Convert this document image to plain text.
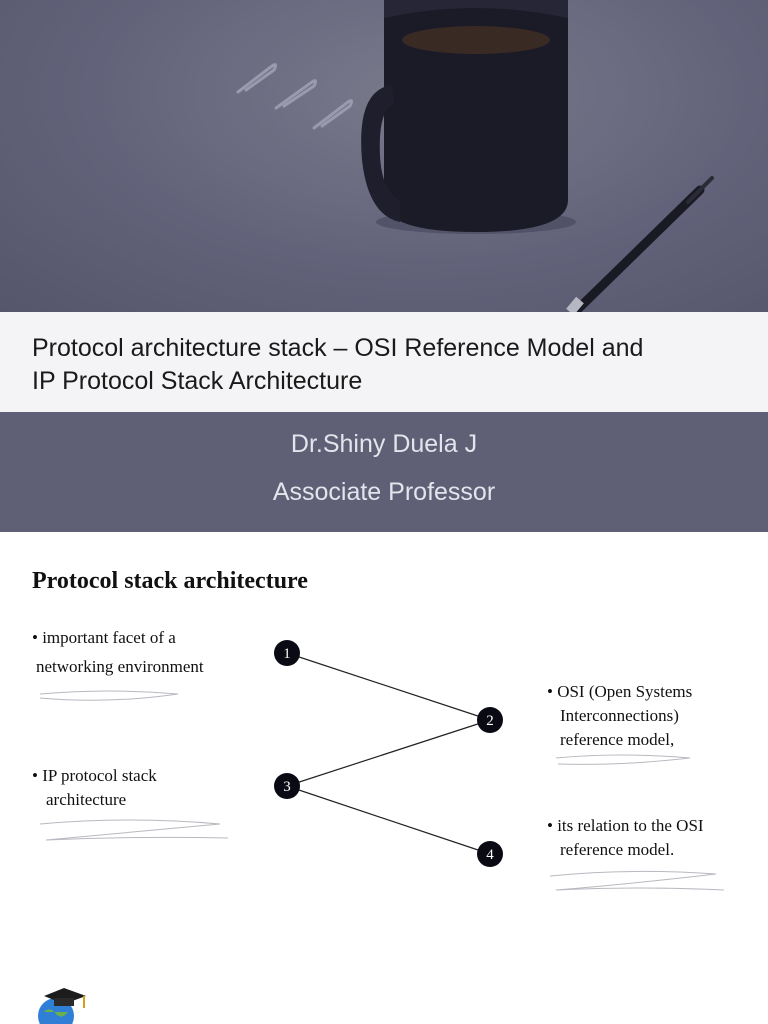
Protocol architecture stack – OSI Reference Model and
IP Protocol Stack Architecture
Dr.Shiny Duela J
Associate Professor
Protocol stack architecture
1
2
3
4
• important facet of a
networking environment
• IP protocol stack
architecture
• OSI (Open Systems
Interconnections)
reference model,
• its relation to the OSI
reference model.
